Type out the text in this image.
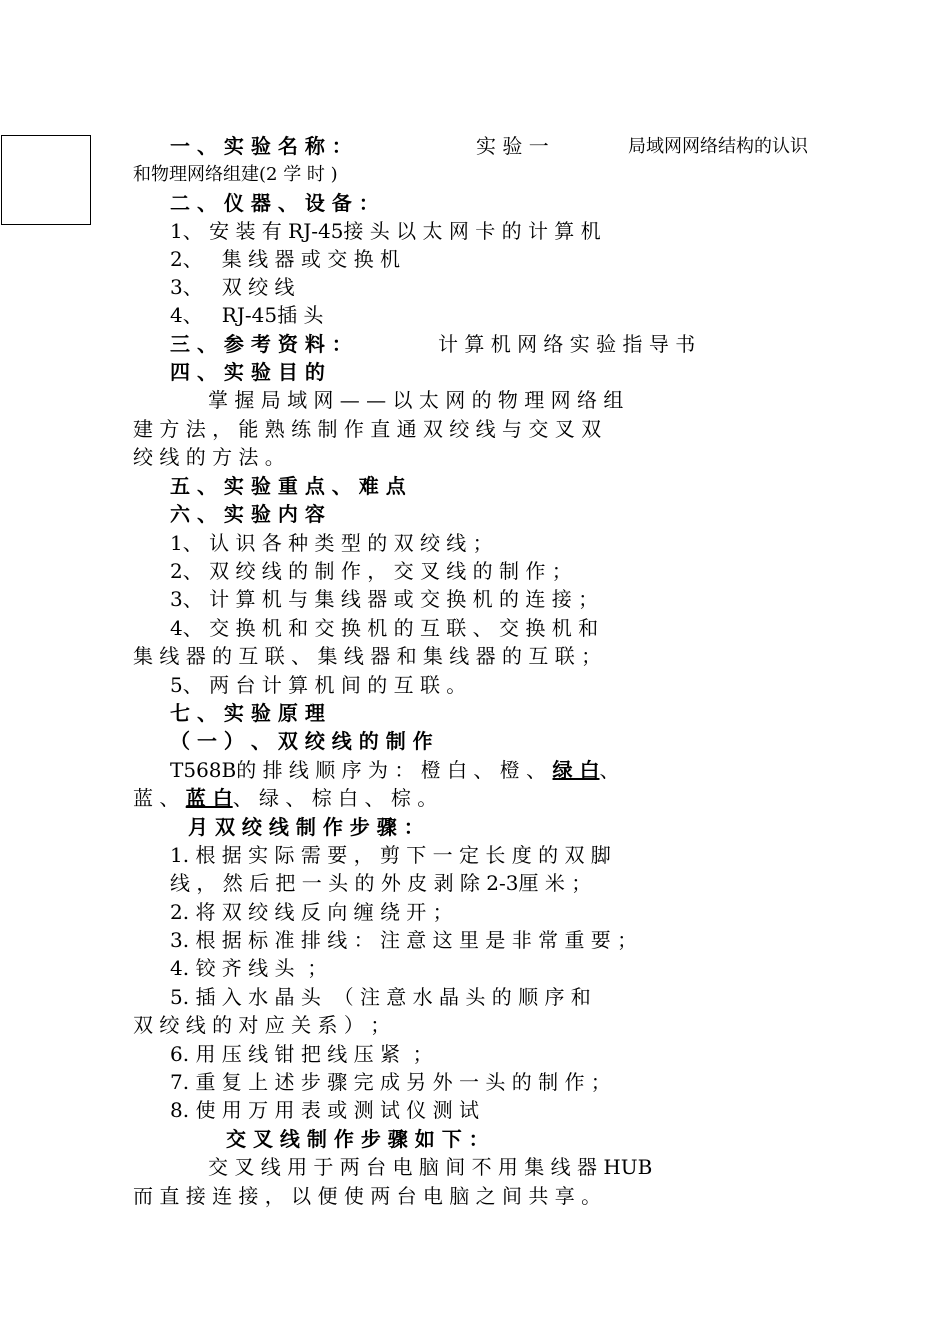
一 、 实 验 名 称 ：	实 验 一	局域网网络结构的认识
和物理网络组建(2 学 时 )
二 、 仪 器 、 设 备 ：
1、 安 装 有 RJ-45接 头 以 太 网 卡 的 计 算 机
2、   集 线 器 或 交 换 机
3、   双 绞 线
4、   RJ-45插 头
三 、 参 考 资 料 ：	计 算 机 网 络 实 验 指 导 书
四 、 实 验 目 的
掌 握 局 域 网 — — 以 太 网 的 物 理 网 络 组
建 方 法 ， 能 熟 练 制 作 直 通 双 绞 线 与 交 叉 双
绞 线 的 方 法 。
五 、 实 验 重 点 、 难 点
六 、 实 验 内 容
1、 认 识 各 种 类 型 的 双 绞 线 ；
2、 双 绞 线 的 制 作 ， 交 叉 线 的 制 作 ；
3、 计 算 机 与 集 线 器 或 交 换 机 的 连 接 ；
4、 交 换 机 和 交 换 机 的 互 联 、 交 换 机 和
集 线 器 的 互 联 、 集 线 器 和 集 线 器 的 互 联 ；
5、 两 台 计 算 机 间 的 互 联 。
七 、 实 验 原 理
（ 一 ） 、 双 绞 线 的 制 作
T568B的 排 线 顺 序 为 ： 橙 白 、 橙 、 绿 白、
蓝 、 蓝 白、 绿 、 棕 白 、 棕 。
月 双 绞 线 制 作 步 骤 ：
1. 根 据 实 际 需 要 ， 剪 下 一 定 长 度 的 双 脚
线 ， 然 后 把 一 头 的 外 皮 剥 除 2-3厘 米 ；
2. 将 双 绞 线 反 向 缠 绕 开 ；
3. 根 据 标 准 排 线 ： 注 意 这 里 是 非 常 重 要 ；
4. 铰 齐 线 头  ；
5. 插 入 水 晶 头  （ 注 意 水 晶 头 的 顺 序 和
双 绞 线 的 对 应 关 系 ） ；
6. 用 压 线 钳 把 线 压 紧  ；
7. 重 复 上 述 步 骤 完 成 另 外 一 头 的 制 作 ；
8. 使 用 万 用 表 或 测 试 仪 测 试
交 叉 线 制 作 步 骤 如 下 ：
交 叉 线 用 于 两 台 电 脑 间 不 用 集 线 器 HUB
而 直 接 连 接 ， 以 便 使 两 台 电 脑 之 间 共 享 。
